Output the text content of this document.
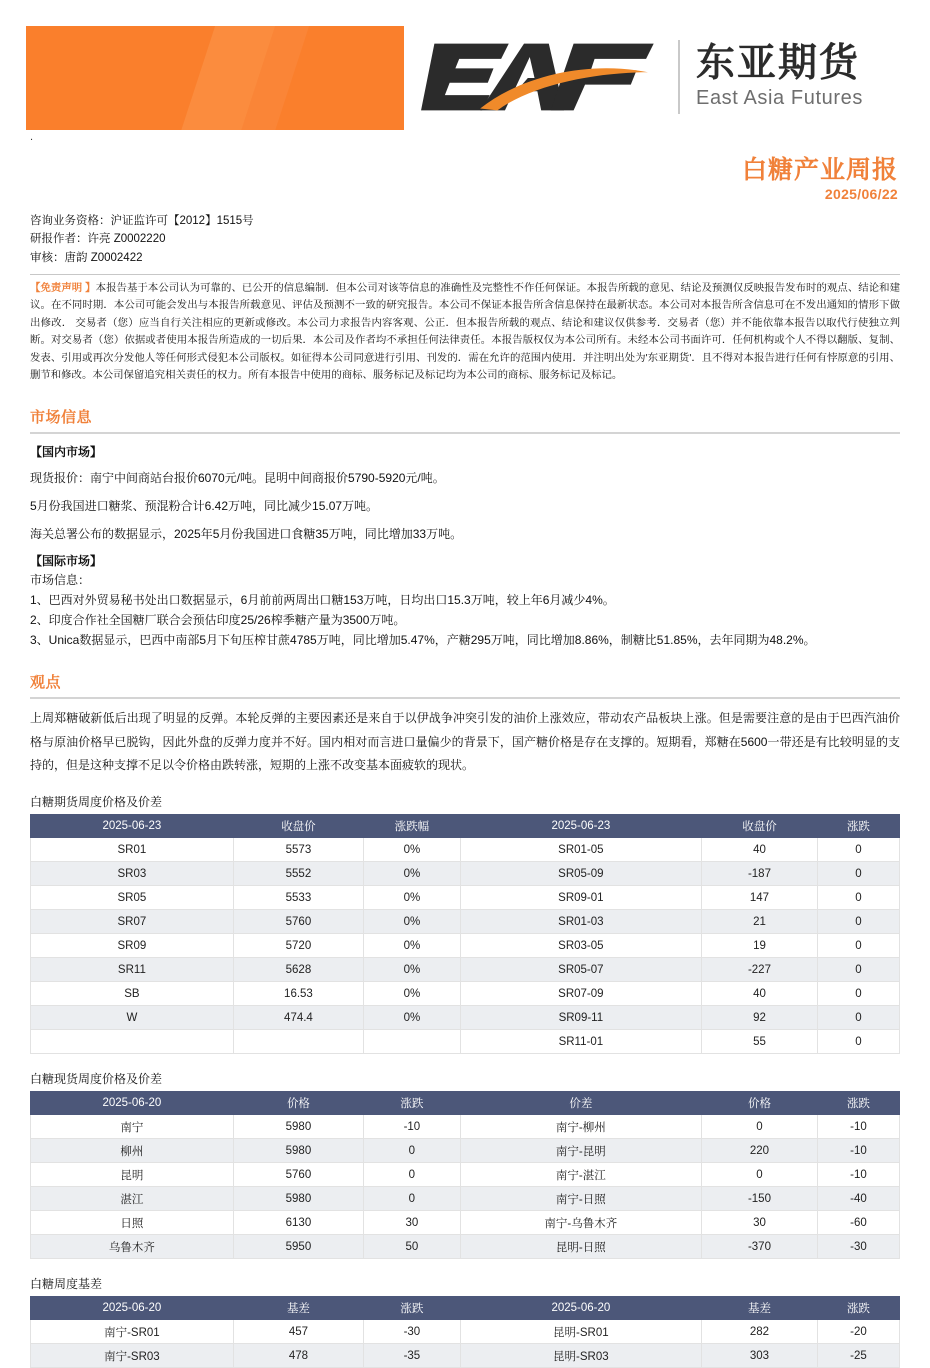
东亚期货
East Asia Futures
.
白糖产业周报
2025/06/22
咨询业务资格：沪证监许可【2012】1515号
研报作者：许亮 Z0002220
审核：唐韵 Z0002422
【免责声明 】本报告基于本公司认为可靠的、已公开的信息编制．但本公司对该等信息的准确性及完整性不作任何保证。本报告所载的意见、结论及预测仅反映报告发布时的观点、结论和建议。在不同时期．本公司可能会发出与本报告所载意见、评估及预测不一致的研究报告。本公司不保证本报告所含信息保持在最新状态。本公司对本报告所含信息可在不发出通知的情形下做出修改． 交易者（您）应当自行关注相应的更新或修改。本公司力求报告内容客观、公正．但本报告所载的观点、结论和建议仅供参考．交易者（您）并不能依靠本报告以取代行使独立判断。对交易者（您）依据或者使用本报告所造成的一切后果．本公司及作者均不承担任何法律责任。本报告版权仅为本公司所有。未经本公司书面许可．任何机构或个人不得以翻版、复制、发表、引用或再次分发他人等任何形式侵犯本公司版权。如征得本公司同意进行引用、刊发的．需在允许的范围内使用．并注明出处为'东亚期货'．且不得对本报告进行任何有悖原意的引用、删节和修改。本公司保留追究相关责任的权力。所有本报告中使用的商标、服务标记及标记均为本公司的商标、服务标记及标记。
市场信息
【国内市场】
现货报价：南宁中间商站台报价6070元/吨。昆明中间商报价5790-5920元/吨。
5月份我国进口糖浆、预混粉合计6.42万吨，同比减少15.07万吨。
海关总署公布的数据显示，2025年5月份我国进口食糖35万吨，同比增加33万吨。
【国际市场】
市场信息：
1、巴西对外贸易秘书处出口数据显示，6月前前两周出口糖153万吨，日均出口15.3万吨，较上年6月减少4%。
2、印度合作社全国糖厂联合会预估印度25/26榨季糖产量为3500万吨。
3、Unica数据显示，巴西中南部5月下旬压榨甘蔗4785万吨，同比增加5.47%，产糖295万吨，同比增加8.86%，制糖比51.85%，去年同期为48.2%。
观点
上周郑糖破新低后出现了明显的反弹。本轮反弹的主要因素还是来自于以伊战争冲突引发的油价上涨效应，带动农产品板块上涨。但是需要注意的是由于巴西汽油价格与原油价格早已脱钩，因此外盘的反弹力度并不好。国内相对而言进口量偏少的背景下，国产糖价格是存在支撑的。短期看，郑糖在5600一带还是有比较明显的支持的，但是这种支撑不足以令价格由跌转涨，短期的上涨不改变基本面疲软的现状。
白糖期货周度价格及价差
2025-06-23	收盘价	涨跌幅	2025-06-23	收盘价	涨跌
SR01	5573	0%	SR01-05	40	0
SR03	5552	0%	SR05-09	-187	0
SR05	5533	0%	SR09-01	147	0
SR07	5760	0%	SR01-03	21	0
SR09	5720	0%	SR03-05	19	0
SR11	5628	0%	SR05-07	-227	0
SB	16.53	0%	SR07-09	40	0
W	474.4	0%	SR09-11	92	0
			SR11-01	55	0
白糖现货周度价格及价差
2025-06-20	价格	涨跌	价差	价格	涨跌
南宁	5980	-10	南宁-柳州	0	-10
柳州	5980	0	南宁-昆明	220	-10
昆明	5760	0	南宁-湛江	0	-10
湛江	5980	0	南宁-日照	-150	-40
日照	6130	30	南宁-乌鲁木齐	30	-60
乌鲁木齐	5950	50	昆明-日照	-370	-30
白糖周度基差
2025-06-20	基差	涨跌	2025-06-20	基差	涨跌
南宁-SR01	457	-30	昆明-SR01	282	-20
南宁-SR03	478	-35	昆明-SR03	303	-25
